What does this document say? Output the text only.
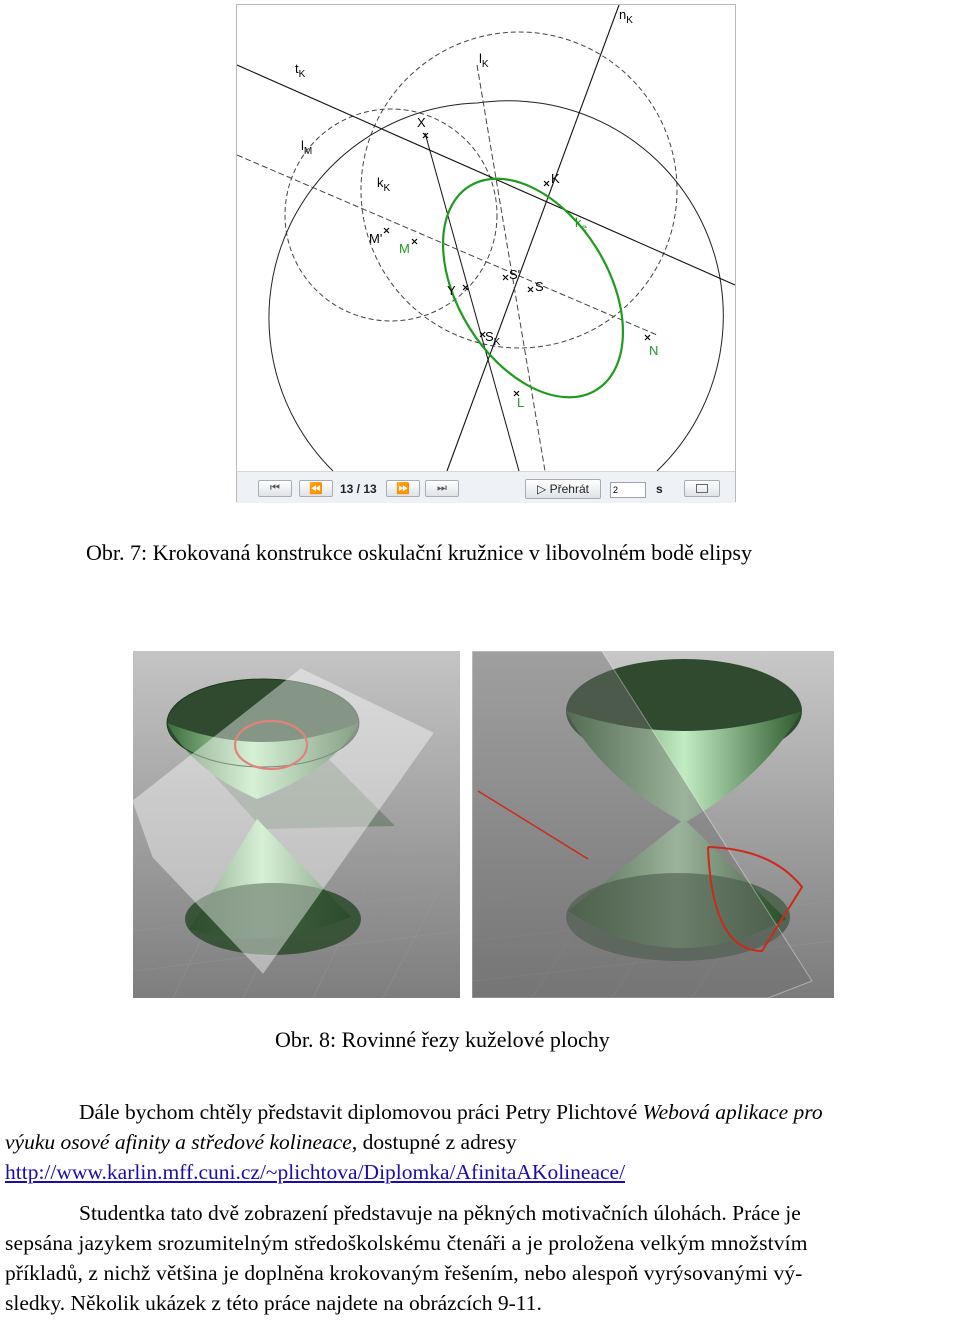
$n_K$
$t_K$
$l_K$
$l_M$
X
$k_K$
K
$k_e$
M'
M
S'
S
Y
$S_K$
N
L
⏮	⏪ 13 / 13 ⏩ ⏭	▷ Přehrát	2	s
Obr. 7: Krokovaná konstrukce oskulační kružnice v libovolném bodě elipsy
Obr. 8: Rovinné řezy kuželové plochy
Dále bychom chtěly představit diplomovou práci Petry Plichtové Webová aplikace pro
výuku osové afinity a středové kolineace, dostupné z adresy
http://www.karlin.mff.cuni.cz/~plichtova/Diplomka/AfinitaAKolineace/
Studentka tato dvě zobrazení představuje na pěkných motivačních úlohách. Práce je
sepsána jazykem srozumitelným středoškolskému čtenáři a je proložena velkým množstvím
příkladů, z nichž většina je doplněna krokovaným řešením, nebo alespoň vyrýsovanými vý-
sledky. Několik ukázek z této práce najdete na obrázcích 9-11.
